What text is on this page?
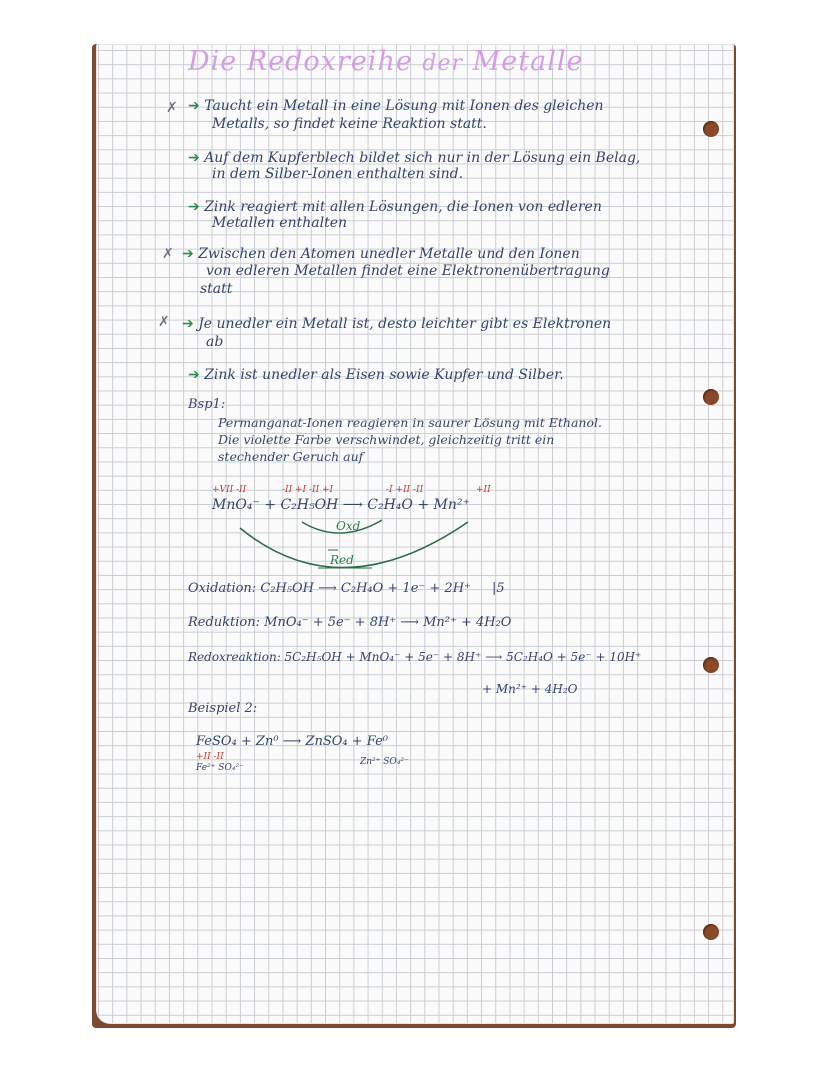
Die Redoxreihe der Metalle
✗ ➔ Taucht ein Metall in eine Lösung mit Ionen des gleichen
Metalls, so findet keine Reaktion statt.
➔ Auf dem Kupferblech bildet sich nur in der Lösung ein Belag,
in dem Silber-Ionen enthalten sind.
➔ Zink reagiert mit allen Lösungen, die Ionen von edleren
Metallen enthalten
✗ ➔ Zwischen den Atomen unedler Metalle und den Ionen
von edleren Metallen findet eine Elektronenübertragung
statt
✗ ➔ Je unedler ein Metall ist, desto leichter gibt es Elektronen
ab
➔ Zink ist unedler als Eisen sowie Kupfer und Silber.
Bsp1:
Permanganat-Ionen reagieren in saurer Lösung mit Ethanol.
Die violette Farbe verschwindet, gleichzeitig tritt ein
stechender Geruch auf
+VII -II	-II +I -II +I	-I +II -II	+II
MnO₄⁻ + C₂H₅OH ⟶ C₂H₄O + Mn²⁺
Oxd
Red
Oxidation: C₂H₅OH ⟶ C₂H₄O + 1e⁻ + 2H⁺ |5
Reduktion: MnO₄⁻ + 5e⁻ + 8H⁺ ⟶ Mn²⁺ + 4H₂O
Redoxreaktion: 5C₂H₅OH + MnO₄⁻ + 5e⁻ + 8H⁺ ⟶ 5C₂H₄O + 5e⁻ + 10H⁺
+ Mn²⁺ + 4H₂O
Beispiel 2:
FeSO₄ + Zn⁰ ⟶ ZnSO₄ + Fe⁰
+II -II
Fe²⁺ SO₄²⁻
Zn²⁺ SO₄²⁻
